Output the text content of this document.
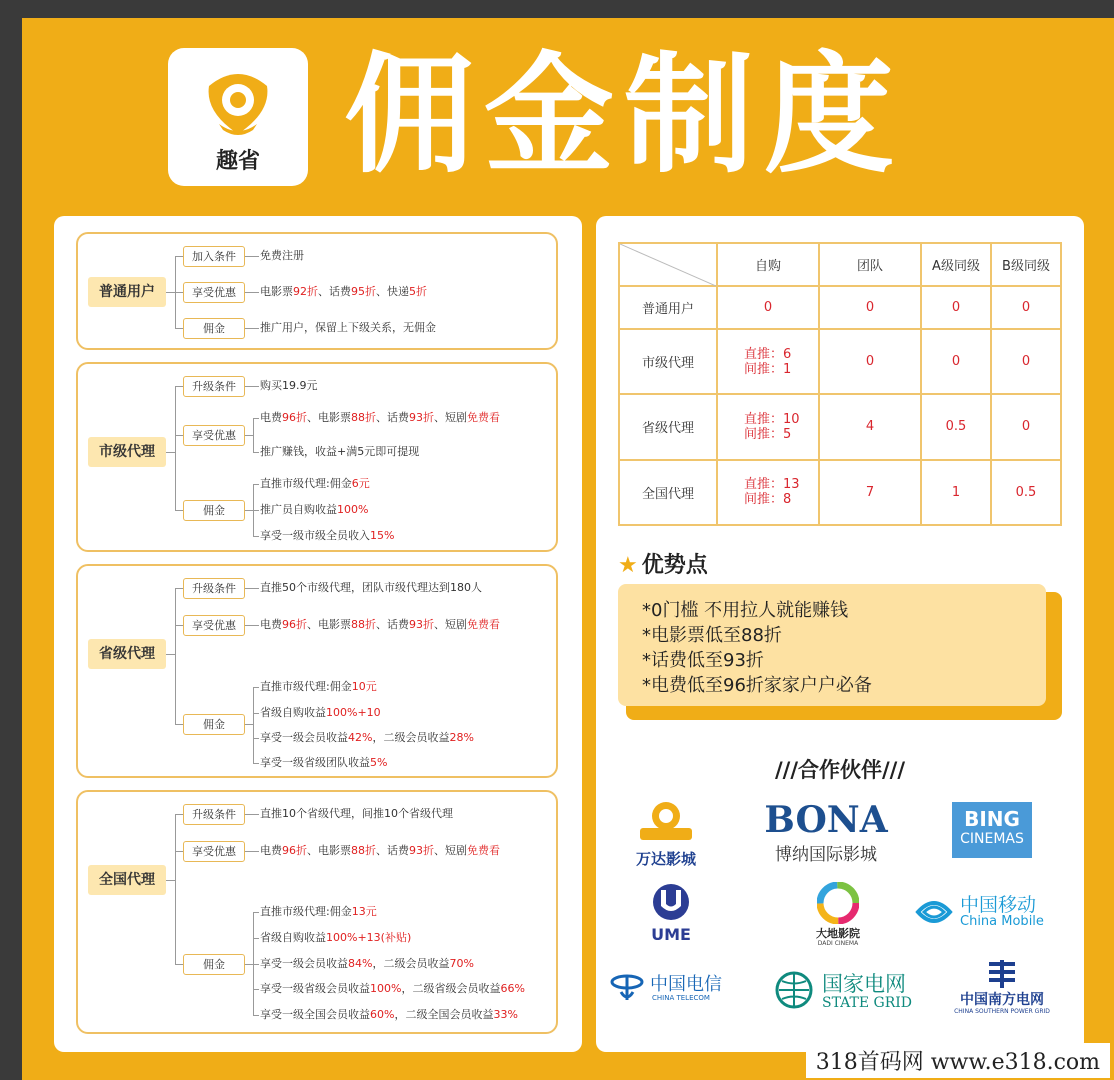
趣省 佣金制度
普通用户
加入条件	免费注册
享受优惠	电影票92折、话费95折、快递5折
佣金	推广用户，保留上下级关系，无佣金
市级代理
升级条件	购买19.9元
享受优惠
电费96折、电影票88折、话费93折、短剧免费看
推广赚钱，收益+满5元即可提现
佣金
直推市级代理:佣金6元
推广员自购收益100%
享受一级市级全员收入15%
省级代理
升级条件	直推50个市级代理，团队市级代理达到180人
享受优惠	电费96折、电影票88折、话费93折、短剧免费看
佣金
直推市级代理:佣金10元
省级自购收益100%+10
享受一级会员收益42%，二级会员收益28%
享受一级省级团队收益5%
全国代理
升级条件	直推10个省级代理，间推10个省级代理
享受优惠	电费96折、电影票88折、话费93折、短剧免费看
佣金
直推市级代理:佣金13元
省级自购收益100%+13(补贴)
享受一级会员收益84%，二级会员收益70%
享受一级省级会员收益100%，二级省级会员收益66%
享受一级全国会员收益60%，二级全国会员收益33%
	自购	团队	A级同级	B级同级
普通用户	0	0	0	0
市级代理	直推：6
间推：1	0	0	0
省级代理	直推：10
间推：5	4	0.5	0
全国代理	直推：13
间推：8	7	1	0.5
★ 优势点
*0门槛 不用拉人就能赚钱
*电影票低至88折
*话费低至93折
*电费低至96折家家户户必备
///合作伙伴///
万达影城
BONA
博纳国际影城
BING
CINEMAS
UME	大地影院
DADI CINEMA
中国移动
China Mobile
中国电信
CHINA TELECOM
国家电网
STATE GRID	中国南方电网
CHINA SOUTHERN POWER GRID
318首码网 www.e318.com
